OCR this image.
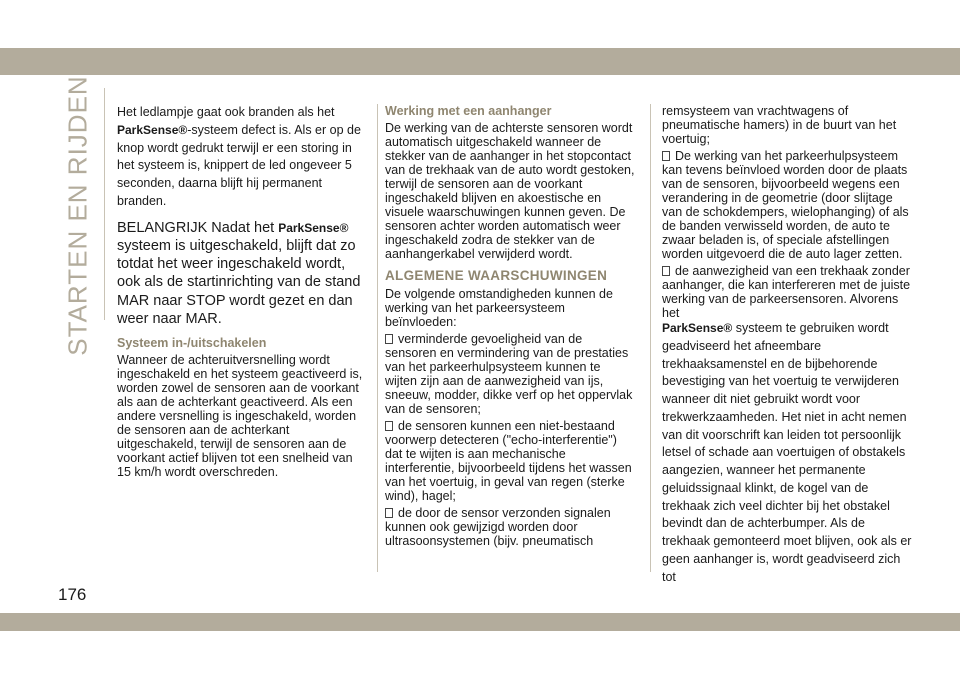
STARTEN EN RIJDEN Het ledlampje gaat ook branden als het
ParkSense®-systeem defect is. Als er op de knop wordt gedrukt terwijl er een storing in het systeem is, knippert de led ongeveer 5 seconden, daarna blijft hij permanent branden.

BELANGRIJK Nadat het ParkSense® systeem is uitgeschakeld, blijft dat zo totdat het weer ingeschakeld wordt, ook als de startinrichting van de stand MAR naar STOP wordt gezet en dan weer naar MAR.

Systeem in-/uitschakelen

Wanneer de achteruitversnelling wordt ingeschakeld en het systeem geactiveerd is, worden zowel de sensoren aan de voorkant als aan de achterkant geactiveerd. Als een andere versnelling is ingeschakeld, worden de sensoren aan de achterkant uitgeschakeld, terwijl de sensoren aan de voorkant actief blijven tot een snelheid van 15 km/h wordt overschreden.

Werking met een aanhanger

De werking van de achterste sensoren wordt automatisch uitgeschakeld wanneer de stekker van de aanhanger in het stopcontact van de trekhaak van de auto wordt gestoken, terwijl de sensoren aan de voorkant ingeschakeld blijven en akoestische en visuele waarschuwingen kunnen geven. De sensoren achter worden automatisch weer ingeschakeld zodra de stekker van de aanhangerkabel verwijderd wordt.

ALGEMENE WAARSCHUWINGEN

De volgende omstandigheden kunnen de werking van het parkeersysteem beïnvloeden:

verminderde gevoeligheid van de sensoren en vermindering van de prestaties van het parkeerhulpsysteem kunnen te wijten zijn aan de aanwezigheid van ijs, sneeuw, modder, dikke verf op het oppervlak van de sensoren;

de sensoren kunnen een niet-bestaand voorwerp detecteren ("echo-interferentie") dat te wijten is aan mechanische interferentie, bijvoorbeeld tijdens het wassen van het voertuig, in geval van regen (sterke wind), hagel;

de door de sensor verzonden signalen kunnen ook gewijzigd worden door ultrasoonsystemen (bijv. pneumatisch

remsysteem van vrachtwagens of pneumatische hamers) in de buurt van het voertuig;

De werking van het parkeerhulpsysteem kan tevens beïnvloed worden door de plaats van de sensoren, bijvoorbeeld wegens een verandering in de geometrie (door slijtage van de schokdempers, wielophanging) of als de banden verwisseld worden, de auto te zwaar beladen is, of speciale afstellingen worden uitgevoerd die de auto lager zetten.

de aanwezigheid van een trekhaak zonder aanhanger, die kan interfereren met de juiste werking van de parkeersensoren. Alvorens het
ParkSense® systeem te gebruiken wordt geadviseerd het afneembare trekhaaksamenstel en de bijbehorende bevestiging van het voertuig te verwijderen wanneer dit niet gebruikt wordt voor trekwerkzaamheden. Het niet in acht nemen van dit voorschrift kan leiden tot persoonlijk letsel of schade aan voertuigen of obstakels aangezien, wanneer het permanente geluidssignaal klinkt, de kogel van de trekhaak zich veel dichter bij het obstakel bevindt dan de achterbumper. Als de trekhaak gemonteerd moet blijven, ook als er geen aanhanger is, wordt geadviseerd zich tot

176
